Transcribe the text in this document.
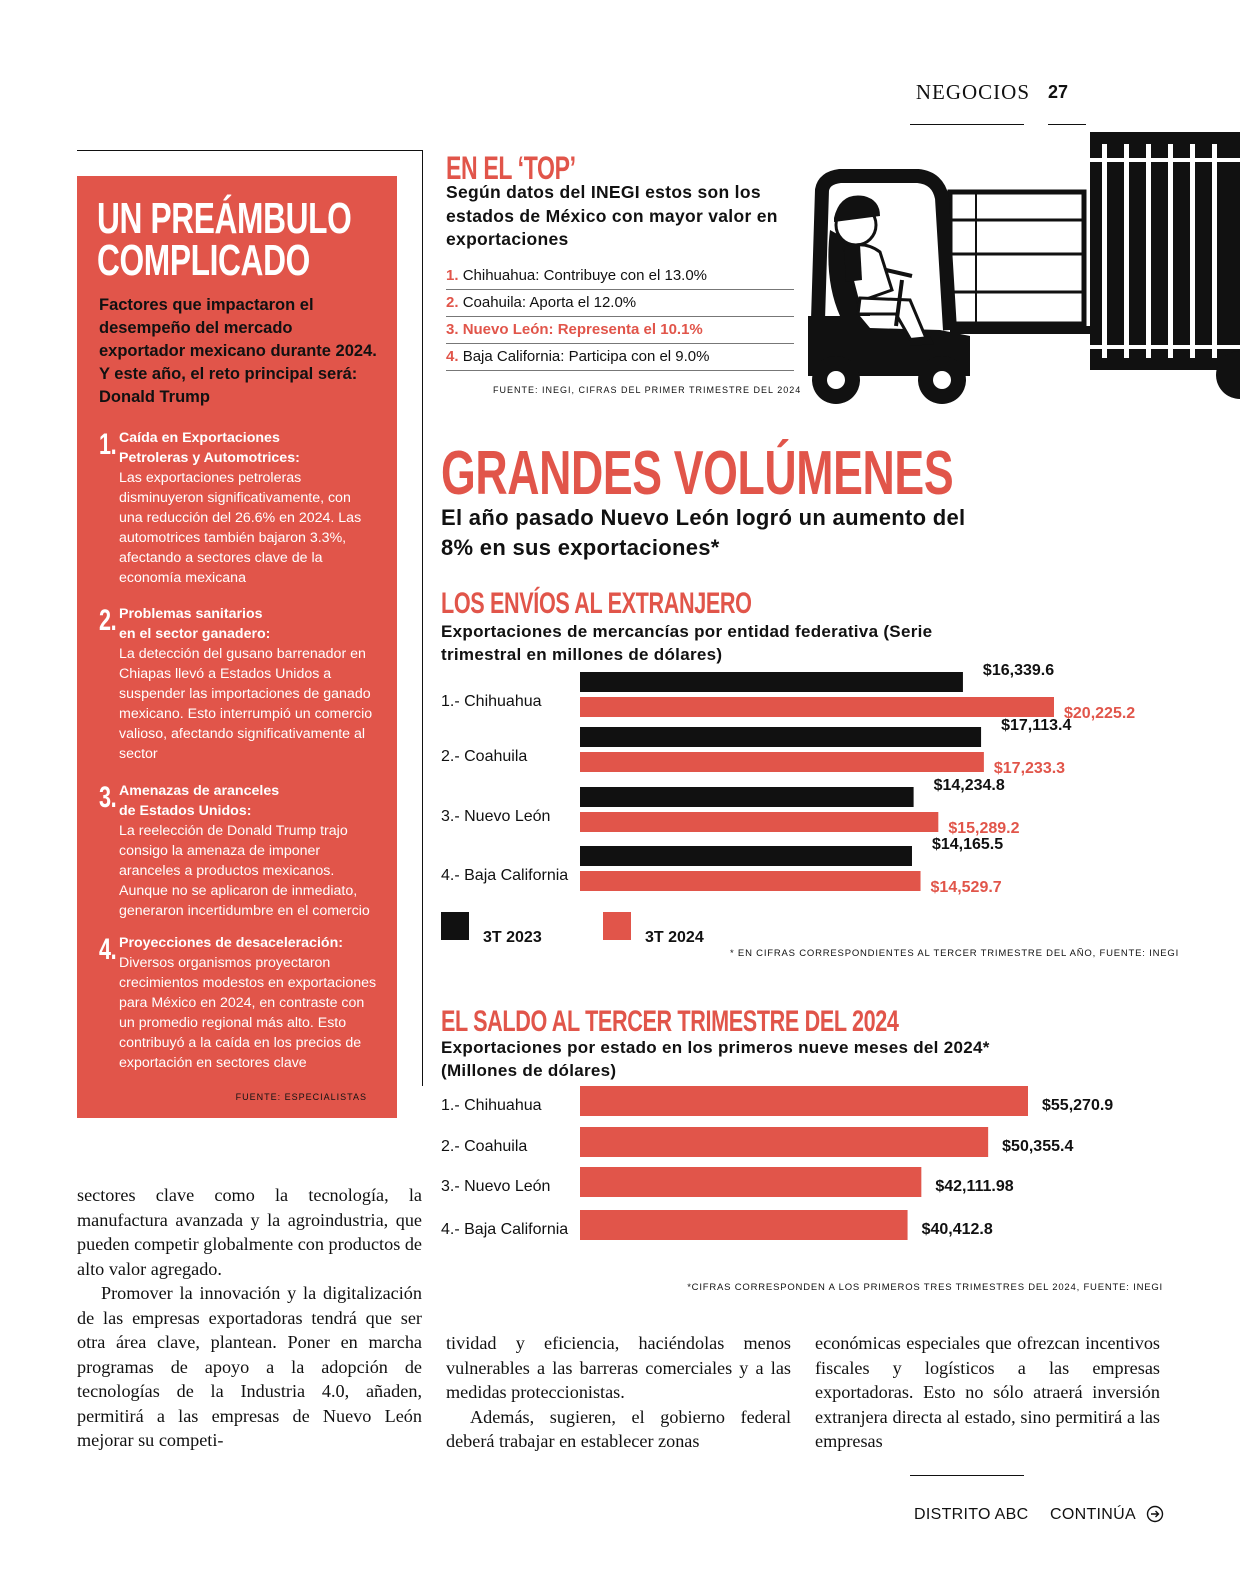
NEGOCIOS 27
UN PREÁMBULO
COMPLICADO
Factores que impactaron el desempeño del mercado exportador mexicano durante 2024. Y este año, el reto principal será: Donald Trump
1. Caída en Exportaciones
Petroleras y Automotrices:
Las exportaciones petroleras disminuyeron significativamente, con una reducción del 26.6% en 2024. Las automotrices también bajaron 3.3%, afectando a sectores clave de la economía mexicana
2. Problemas sanitarios
en el sector ganadero:
La detección del gusano barrenador en Chiapas llevó a Estados Unidos a suspender las importaciones de ganado mexicano. Esto interrumpió un comercio valioso, afectando significativamente al sector
3. Amenazas de aranceles
de Estados Unidos:
La reelección de Donald Trump trajo consigo la amenaza de imponer aranceles a productos mexicanos. Aunque no se aplicaron de inmediato, generaron incertidumbre en el comercio
4. Proyecciones de desaceleración:
Diversos organismos proyectaron crecimientos modestos en exportaciones para México en 2024, en contraste con un promedio regional más alto. Esto contribuyó a la caída en los precios de exportación en sectores clave
FUENTE: ESPECIALISTAS
EN EL ‘TOP’
Según datos del INEGI estos son los estados de México con mayor valor en exportaciones
1. Chihuahua: Contribuye con el 13.0%
2. Coahuila: Aporta el 12.0%
3. Nuevo León: Representa el 10.1%
4. Baja California: Participa con el 9.0%
FUENTE: INEGI, CIFRAS DEL PRIMER TRIMESTRE DEL 2024
GRANDES VOLÚMENES
El año pasado Nuevo León logró un aumento del 8% en sus exportaciones*
LOS ENVÍOS AL EXTRANJERO
Exportaciones de mercancías por entidad federativa (Serie trimestral en millones de dólares)
1.- Chihuahua
$16,339.6
$20,225.2
2.- Coahuila
$17,113.4
$17,233.3
3.- Nuevo León
$14,234.8
$15,289.2
4.- Baja California
$14,165.5
$14,529.7
3T 2023	3T 2024
* EN CIFRAS CORRESPONDIENTES AL TERCER TRIMESTRE DEL AÑO, FUENTE: INEGI
EL SALDO AL TERCER TRIMESTRE DEL 2024
Exportaciones por estado en los primeros nueve meses del 2024* (Millones de dólares)
1.- Chihuahua	$55,270.9
2.- Coahuila	$50,355.4
3.- Nuevo León	$42,111.98
4.- Baja California	$40,412.8
*CIFRAS CORRESPONDEN A LOS PRIMEROS TRES TRIMESTRES DEL 2024, FUENTE: INEGI

sectores clave como la tecnología, la manufactura avanzada y la agroindustria, que pueden competir globalmente con productos de alto valor agregado.

Promover la innovación y la digitalización de las empresas exportadoras tendrá que ser otra área clave, plantean. Poner en marcha programas de apoyo a la adopción de tecnologías de la Industria 4.0, añaden, permitirá a las empresas de Nuevo León mejorar su competi-

tividad y eficiencia, haciéndolas menos vulnerables a las barreras comerciales y a las medidas proteccionistas.

Además, sugieren, el gobierno federal deberá trabajar en establecer zonas

económicas especiales que ofrezcan incentivos fiscales y logísticos a las empresas exportadoras. Esto no sólo atraerá inversión extranjera directa al estado, sino permitirá a las empresas

DISTRITO ABC CONTINÚA
